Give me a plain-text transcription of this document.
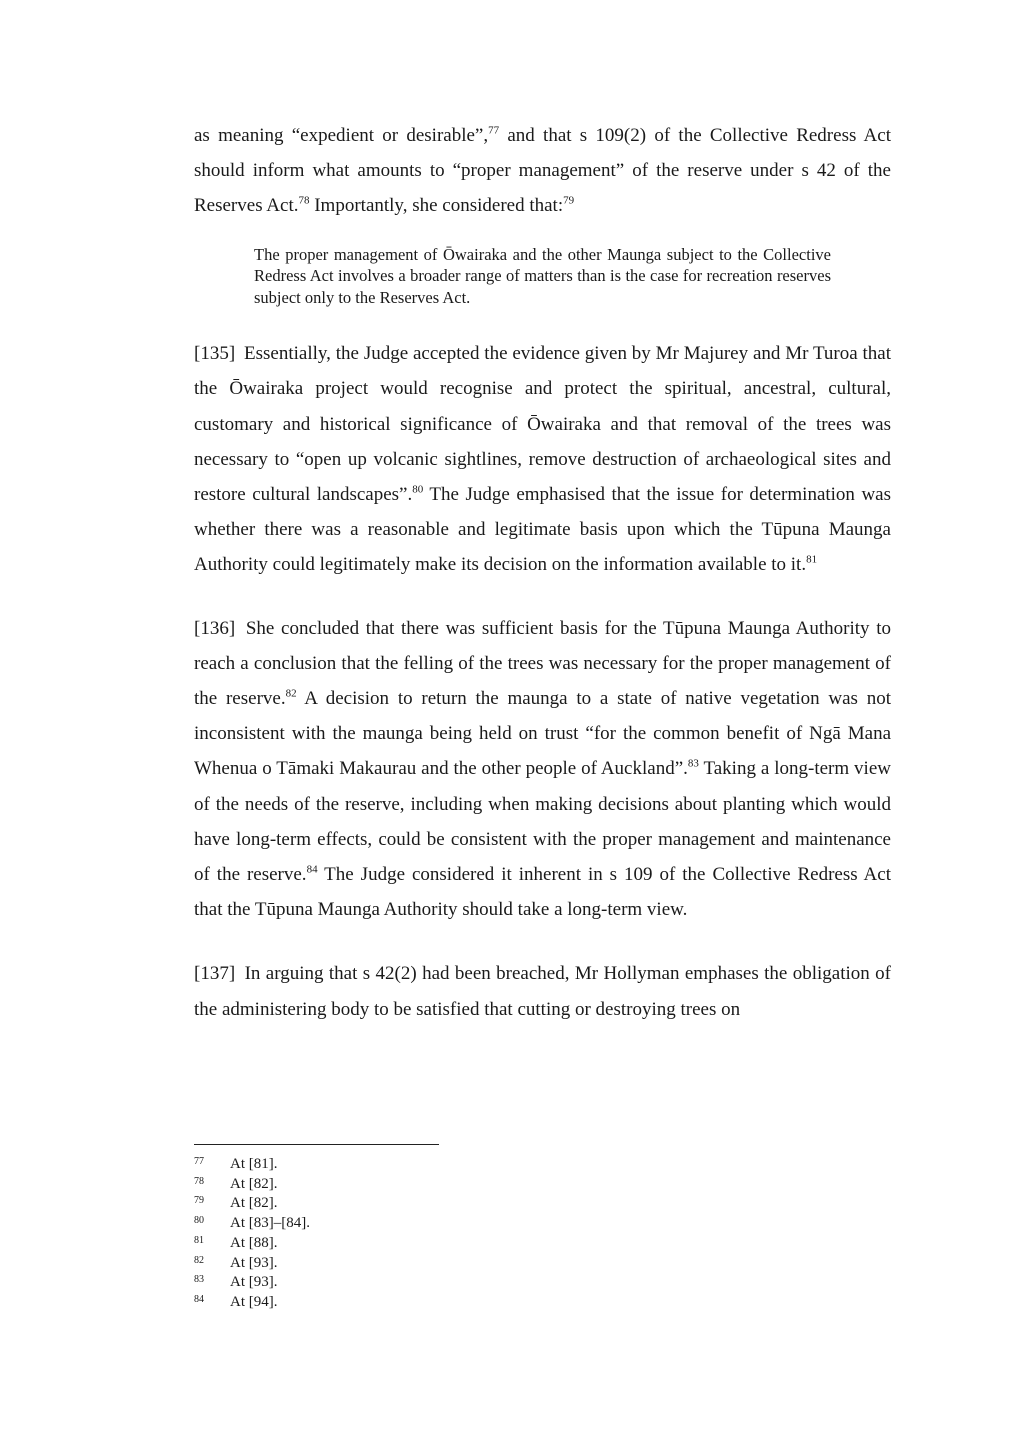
as meaning “expedient or desirable”,$^{77}$ and that s 109(2) of the Collective Redress Act should inform what amounts to “proper management” of the reserve under s 42 of the Reserves Act.$^{78}$ Importantly, she considered that:$^{79}$

The proper management of Ōwairaka and the other Maunga subject to the Collective Redress Act involves a broader range of matters than is the case for recreation reserves subject only to the Reserves Act.

[135] Essentially, the Judge accepted the evidence given by Mr Majurey and Mr Turoa that the Ōwairaka project would recognise and protect the spiritual, ancestral, cultural, customary and historical significance of Ōwairaka and that removal of the trees was necessary to “open up volcanic sightlines, remove destruction of archaeological sites and restore cultural landscapes”.$^{80}$ The Judge emphasised that the issue for determination was whether there was a reasonable and legitimate basis upon which the Tūpuna Maunga Authority could legitimately make its decision on the information available to it.$^{81}$

[136] She concluded that there was sufficient basis for the Tūpuna Maunga Authority to reach a conclusion that the felling of the trees was necessary for the proper management of the reserve.$^{82}$ A decision to return the maunga to a state of native vegetation was not inconsistent with the maunga being held on trust “for the common benefit of Ngā Mana Whenua o Tāmaki Makaurau and the other people of Auckland”.$^{83}$ Taking a long-term view of the needs of the reserve, including when making decisions about planting which would have long-term effects, could be consistent with the proper management and maintenance of the reserve.$^{84}$ The Judge considered it inherent in s 109 of the Collective Redress Act that the Tūpuna Maunga Authority should take a long-term view.

[137] In arguing that s 42(2) had been breached, Mr Hollyman emphases the obligation of the administering body to be satisfied that cutting or destroying trees on

77	At [81].
78	At [82].
79	At [82].
80	At [83]–[84].
81	At [88].
82	At [93].
83	At [93].
84	At [94].
